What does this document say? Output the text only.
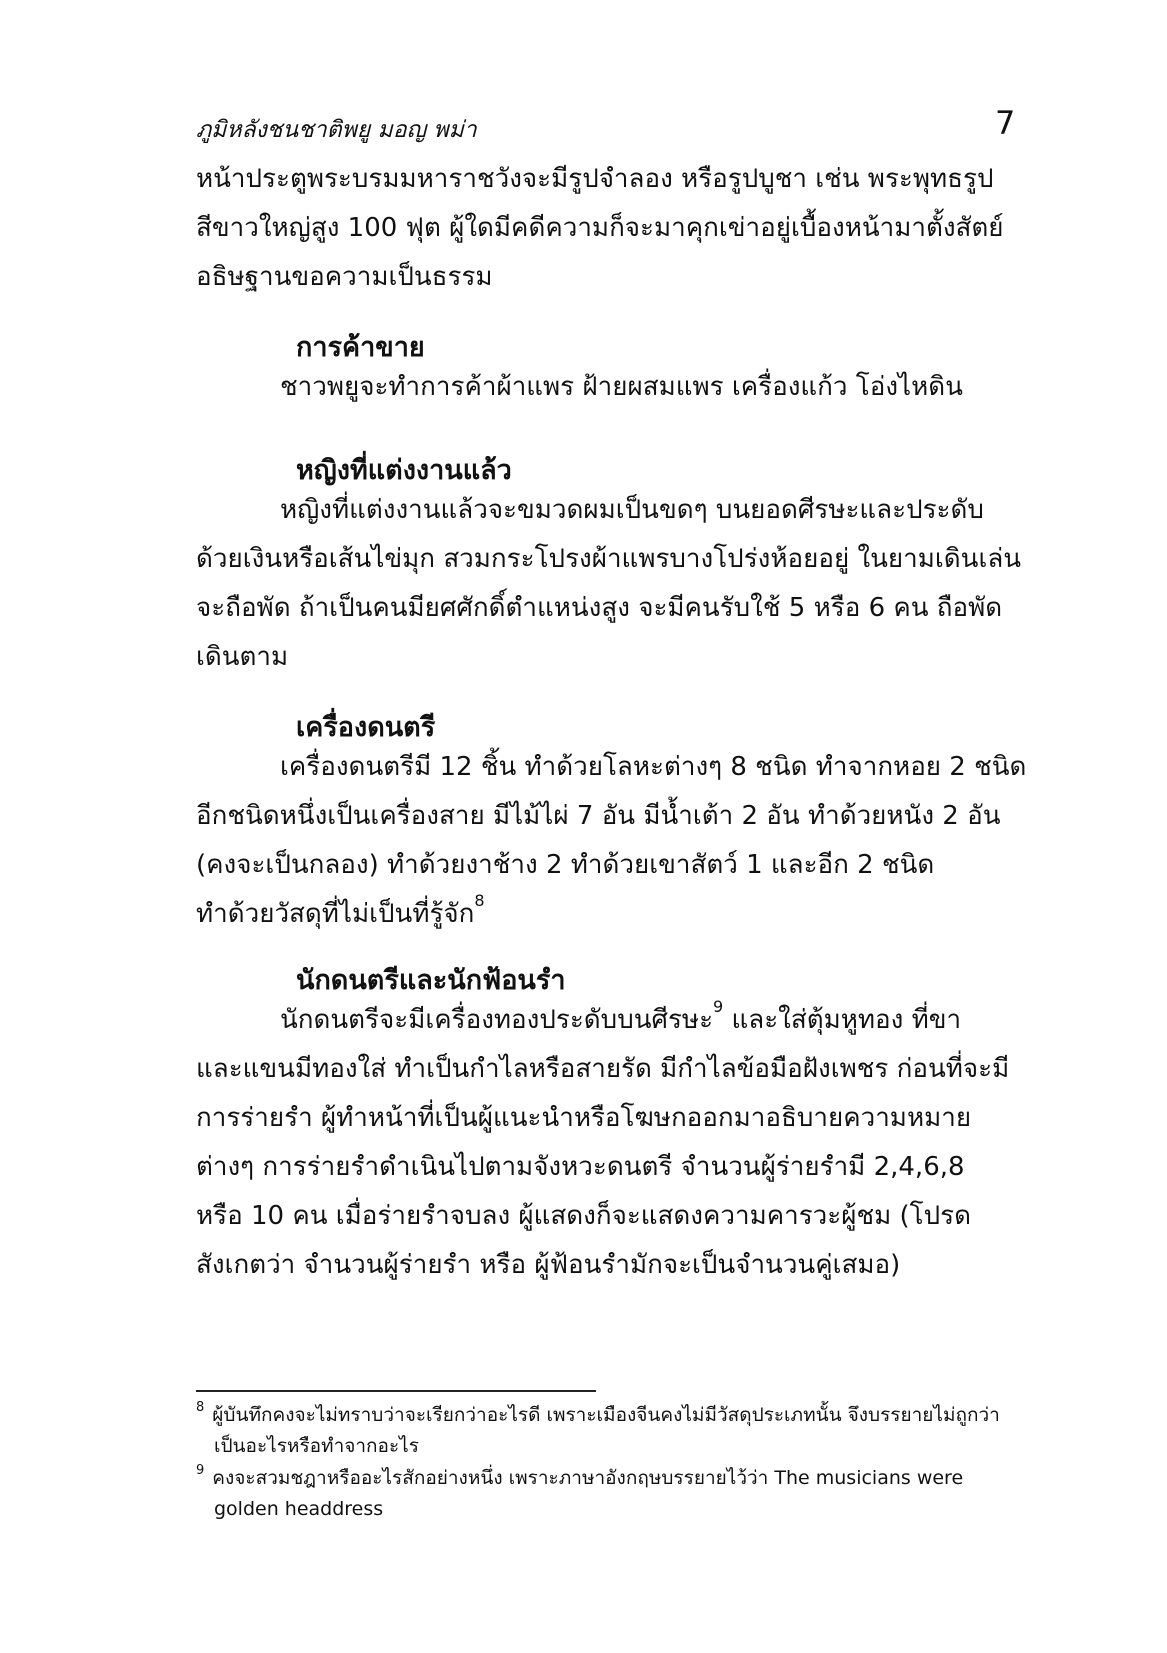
ภูมิหลังชนชาติพยู มอญ พม่า	7
หน้าประตูพระบรมมหาราชวังจะมีรูปจำลอง หรือรูปบูชา เช่น พระพุทธรูป
สีขาวใหญ่สูง 100 ฟุต ผู้ใดมีคดีความก็จะมาคุกเข่าอยู่เบื้องหน้ามาตั้งสัตย์
อธิษฐานขอความเป็นธรรม
การค้าขาย
ชาวพยูจะทำการค้าผ้าแพร ฝ้ายผสมแพร เครื่องแก้ว โอ่งไหดิน
หญิงที่แต่งงานแล้ว
หญิงที่แต่งงานแล้วจะขมวดผมเป็นขดๆ บนยอดศีรษะและประดับ
ด้วยเงินหรือเส้นไข่มุก สวมกระโปรงผ้าแพรบางโปร่งห้อยอยู่ ในยามเดินเล่น
จะถือพัด ถ้าเป็นคนมียศศักดิ์ตำแหน่งสูง จะมีคนรับใช้ 5 หรือ 6 คน ถือพัด
เดินตาม
เครื่องดนตรี
เครื่องดนตรีมี 12 ชิ้น ทำด้วยโลหะต่างๆ 8 ชนิด ทำจากหอย 2 ชนิด
อีกชนิดหนึ่งเป็นเครื่องสาย มีไม้ไผ่ 7 อัน มีน้ำเต้า 2 อัน ทำด้วยหนัง 2 อัน
(คงจะเป็นกลอง) ทำด้วยงาช้าง 2 ทำด้วยเขาสัตว์ 1 และอีก 2 ชนิด
ทำด้วยวัสดุที่ไม่เป็นที่รู้จัก$^8$
นักดนตรีและนักฟ้อนรำ
นักดนตรีจะมีเครื่องทองประดับบนศีรษะ$^9$ และใส่ตุ้มหูทอง ที่ขา
และแขนมีทองใส่ ทำเป็นกำไลหรือสายรัด มีกำไลข้อมือฝังเพชร ก่อนที่จะมี
การร่ายรำ ผู้ทำหน้าที่เป็นผู้แนะนำหรือโฆษกออกมาอธิบายความหมาย
ต่างๆ การร่ายรำดำเนินไปตามจังหวะดนตรี จำนวนผู้ร่ายรำมี 2,4,6,8
หรือ 10 คน เมื่อร่ายรำจบลง ผู้แสดงก็จะแสดงความคารวะผู้ชม (โปรด
สังเกตว่า จำนวนผู้ร่ายรำ หรือ ผู้ฟ้อนรำมักจะเป็นจำนวนคู่เสมอ)
$^8$ ผู้บันทึกคงจะไม่ทราบว่าจะเรียกว่าอะไรดี เพราะเมืองจีนคงไม่มีวัสดุประเภทนั้น จึงบรรยายไม่ถูกว่า
เป็นอะไรหรือทำจากอะไร
$^9$ คงจะสวมชฎาหรืออะไรสักอย่างหนึ่ง เพราะภาษาอังกฤษบรรยายไว้ว่า The musicians were
golden headdress
